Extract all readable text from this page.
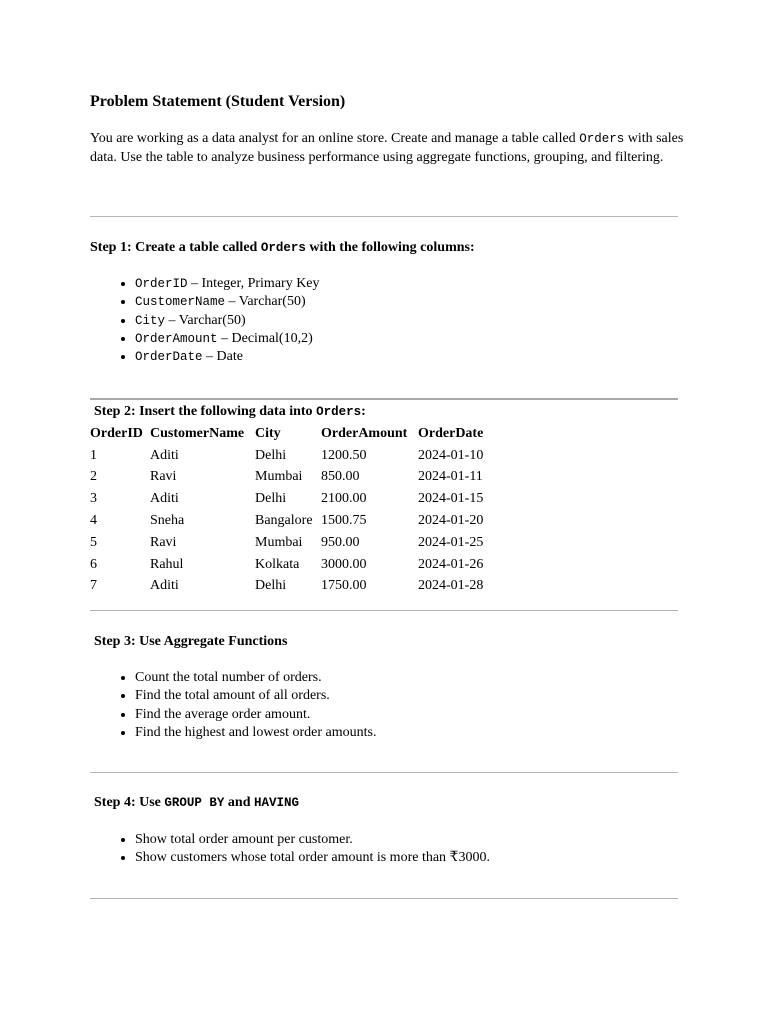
Problem Statement (Student Version)

You are working as a data analyst for an online store. Create and manage a table called Orders with sales data. Use the table to analyze business performance using aggregate functions, grouping, and filtering.

Step 1: Create a table called Orders with the following columns:

• OrderID – Integer, Primary Key
• CustomerName – Varchar(50)
• City – Varchar(50)
• OrderAmount – Decimal(10,2)
• OrderDate – Date

Step 2: Insert the following data into Orders:

OrderID	CustomerName	City	OrderAmount	OrderDate
1	Aditi	Delhi	1200.50	2024-01-10
2	Ravi	Mumbai	850.00	2024-01-11
3	Aditi	Delhi	2100.00	2024-01-15
4	Sneha	Bangalore	1500.75	2024-01-20
5	Ravi	Mumbai	950.00	2024-01-25
6	Rahul	Kolkata	3000.00	2024-01-26
7	Aditi	Delhi	1750.00	2024-01-28

Step 3: Use Aggregate Functions

• Count the total number of orders.
• Find the total amount of all orders.
• Find the average order amount.
• Find the highest and lowest order amounts.

Step 4: Use GROUP BY and HAVING

• Show total order amount per customer.
• Show customers whose total order amount is more than ₹3000.
